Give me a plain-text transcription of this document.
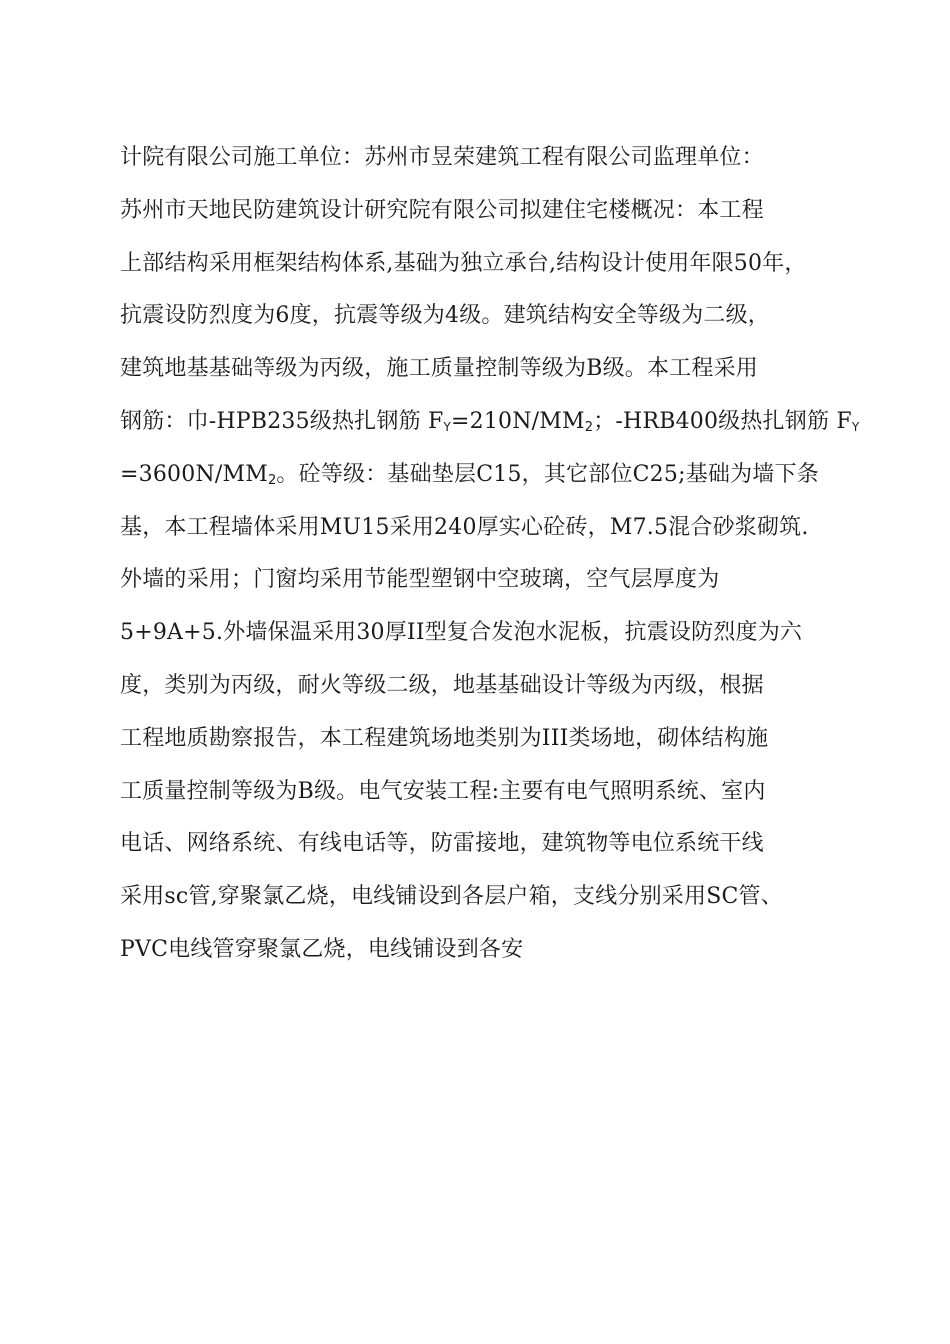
计院有限公司施工单位：苏州市昱荣建筑工程有限公司监理单位：
苏州市天地民防建筑设计研究院有限公司拟建住宅楼概况：本工程
上部结构采用框架结构体系,基础为独立承台,结构设计使用年限50年，
抗震设防烈度为6度，抗震等级为4级。建筑结构安全等级为二级，
建筑地基基础等级为丙级，施工质量控制等级为B级。本工程采用
钢筋：巾-HPB235级热扎钢筋 $F_Y=210N/MM_2$；-HRB400级热扎钢筋 $F_Y$
$=3600N/MM_2$。砼等级：基础垫层C15，其它部位C25;基础为墙下条
基，本工程墙体采用MU15采用240厚实心砼砖，M7.5混合砂浆砌筑.
外墙的采用；门窗均采用节能型塑钢中空玻璃，空气层厚度为
5+9A+5.外墙保温采用30厚II型复合发泡水泥板，抗震设防烈度为六
度，类别为丙级，耐火等级二级，地基基础设计等级为丙级，根据
工程地质勘察报告，本工程建筑场地类别为III类场地，砌体结构施
工质量控制等级为B级。电气安装工程:主要有电气照明系统、室内
电话、网络系统、有线电话等，防雷接地，建筑物等电位系统干线
采用sc管,穿聚氯乙烧，电线铺设到各层户箱，支线分别采用SC管、
PVC电线管穿聚氯乙烧，电线铺设到各安
